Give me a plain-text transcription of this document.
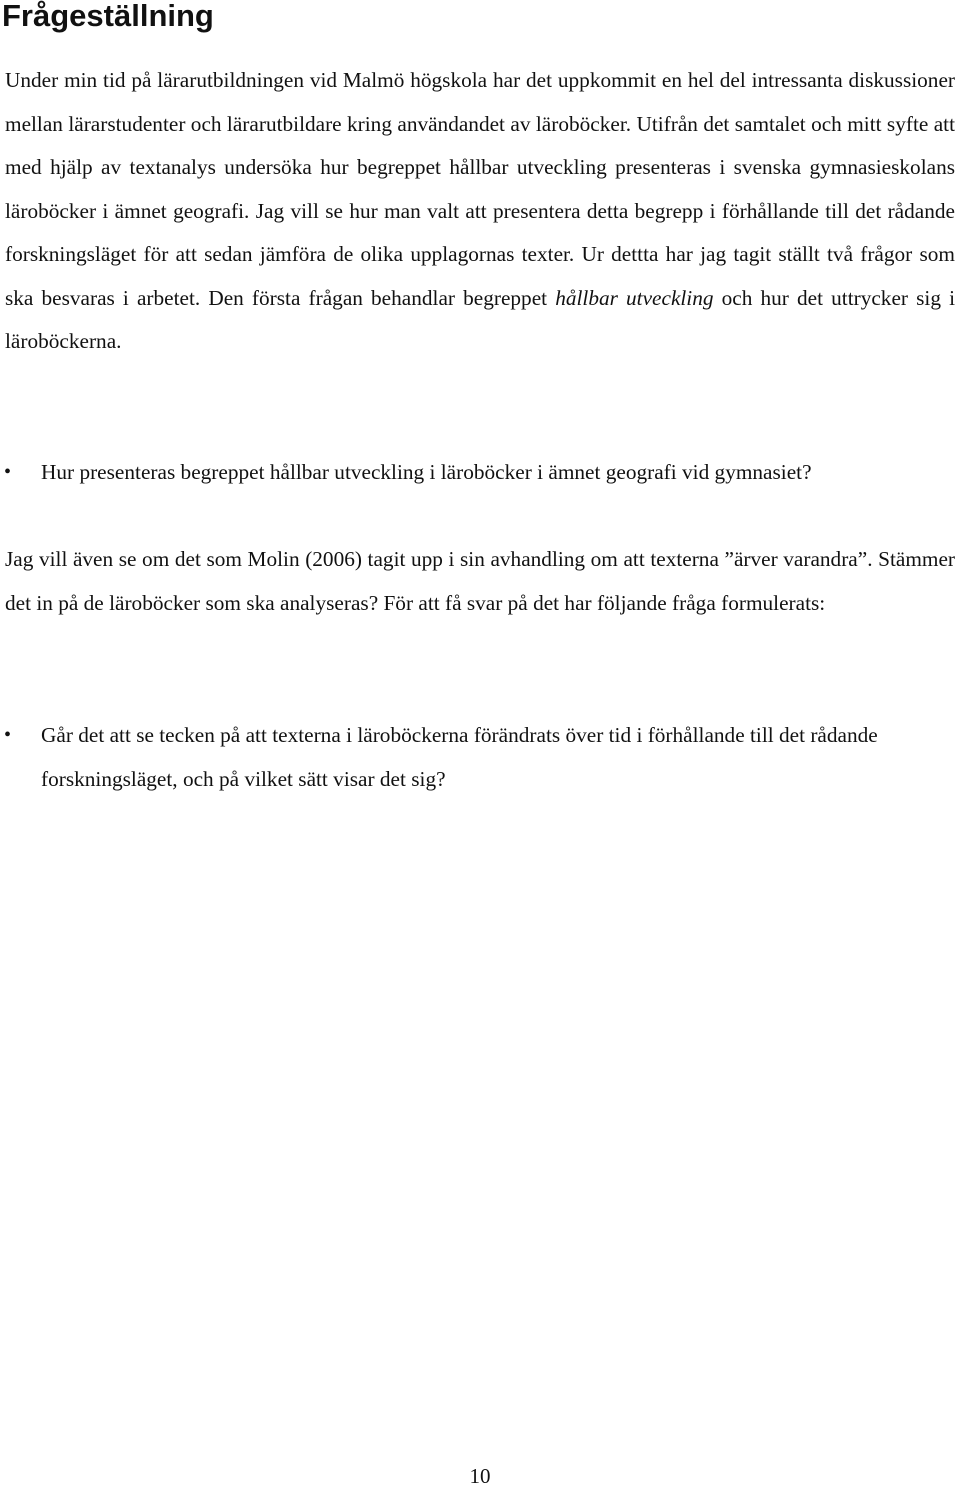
Frågeställning

Under min tid på lärarutbildningen vid Malmö högskola har det uppkommit en hel del intressanta diskussioner mellan lärarstudenter och lärarutbildare kring användandet av läroböcker. Utifrån det samtalet och mitt syfte att med hjälp av textanalys undersöka hur begreppet hållbar utveckling presenteras i svenska gymnasieskolans läroböcker i ämnet geografi. Jag vill se hur man valt att presentera detta begrepp i förhållande till det rådande forskningsläget för att sedan jämföra de olika upplagornas texter. Ur dettta har jag tagit ställt två frågor som ska besvaras i arbetet. Den första frågan behandlar begreppet hållbar utveckling och hur det uttrycker sig i läroböckerna.

• Hur presenteras begreppet hållbar utveckling i läroböcker i ämnet geografi vid gymnasiet?

Jag vill även se om det som Molin (2006) tagit upp i sin avhandling om att texterna ”ärver varandra”. Stämmer det in på de läroböcker som ska analyseras? För att få svar på det har följande fråga formulerats:

• Går det att se tecken på att texterna i läroböckerna förändrats över tid i förhållande till det rådande forskningsläget, och på vilket sätt visar det sig?
10
